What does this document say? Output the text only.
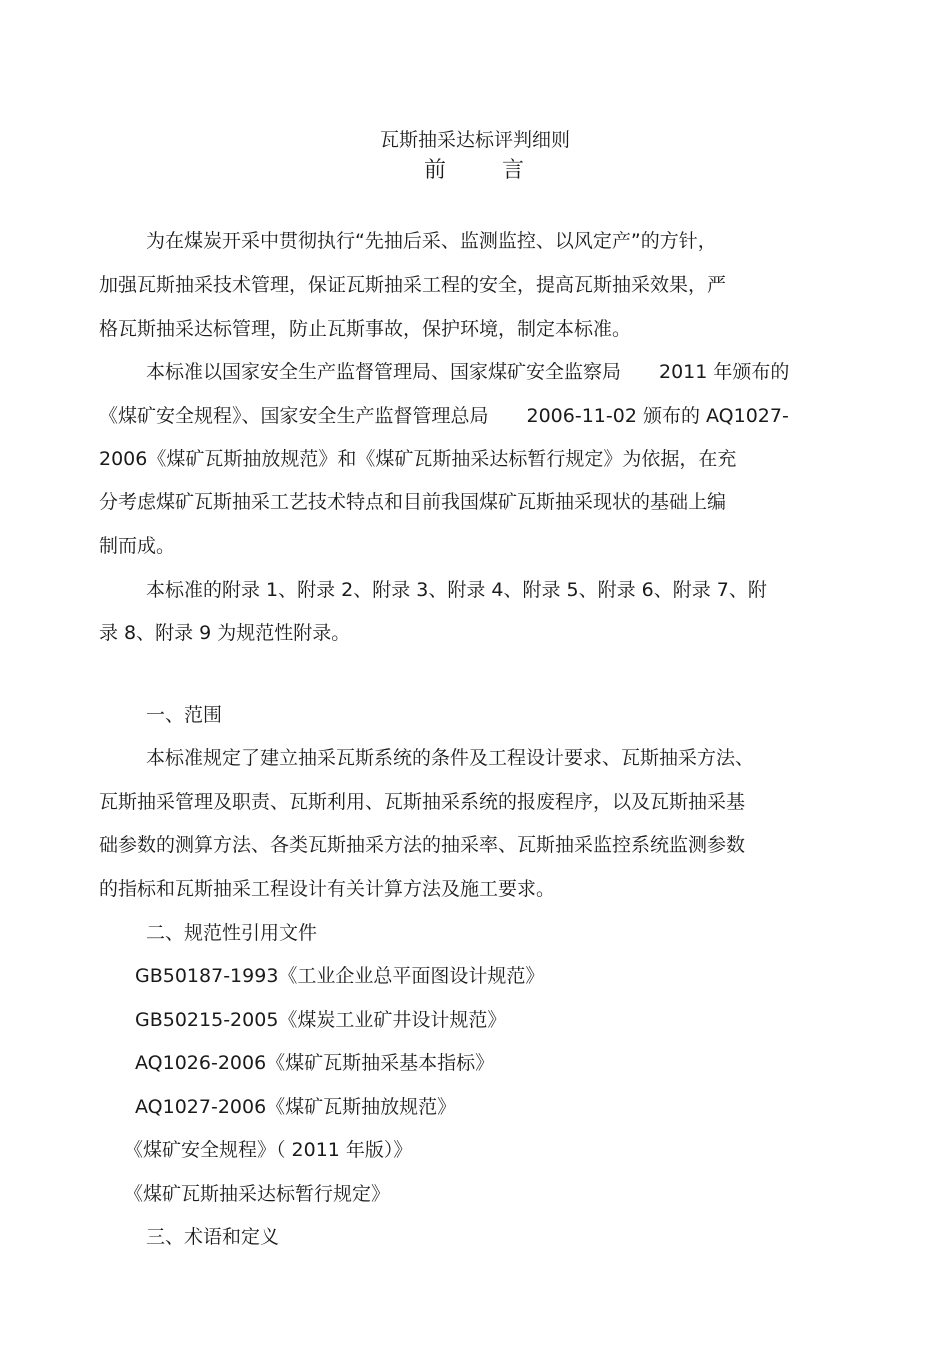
瓦斯抽采达标评判细则
前      言

为在煤炭开采中贯彻执行“先抽后采、监测监控、以风定产”的方针，

加强瓦斯抽采技术管理，保证瓦斯抽采工程的安全，提高瓦斯抽采效果，严

格瓦斯抽采达标管理，防止瓦斯事故，保护环境，制定本标准。

本标准以国家安全生产监督管理局、国家煤矿安全监察局　　2011 年颁布的

《煤矿安全规程》、国家安全生产监督管理总局　　2006-11-02 颁布的 AQ1027-

2006《煤矿瓦斯抽放规范》和《煤矿瓦斯抽采达标暂行规定》为依据，在充

分考虑煤矿瓦斯抽采工艺技术特点和目前我国煤矿瓦斯抽采现状的基础上编

制而成。

本标准的附录 1、附录 2、附录 3、附录 4、附录 5、附录 6、附录 7、附

录 8、附录 9 为规范性附录。

一、范围

本标准规定了建立抽采瓦斯系统的条件及工程设计要求、瓦斯抽采方法、

瓦斯抽采管理及职责、瓦斯利用、瓦斯抽采系统的报废程序，以及瓦斯抽采基

础参数的测算方法、各类瓦斯抽采方法的抽采率、瓦斯抽采监控系统监测参数

的指标和瓦斯抽采工程设计有关计算方法及施工要求。

二、规范性引用文件

GB50187-1993《工业企业总平面图设计规范》

GB50215-2005《煤炭工业矿井设计规范》

AQ1026-2006《煤矿瓦斯抽采基本指标》

AQ1027-2006《煤矿瓦斯抽放规范》

《煤矿安全规程》（ 2011 年版）》

《煤矿瓦斯抽采达标暂行规定》

三、术语和定义
